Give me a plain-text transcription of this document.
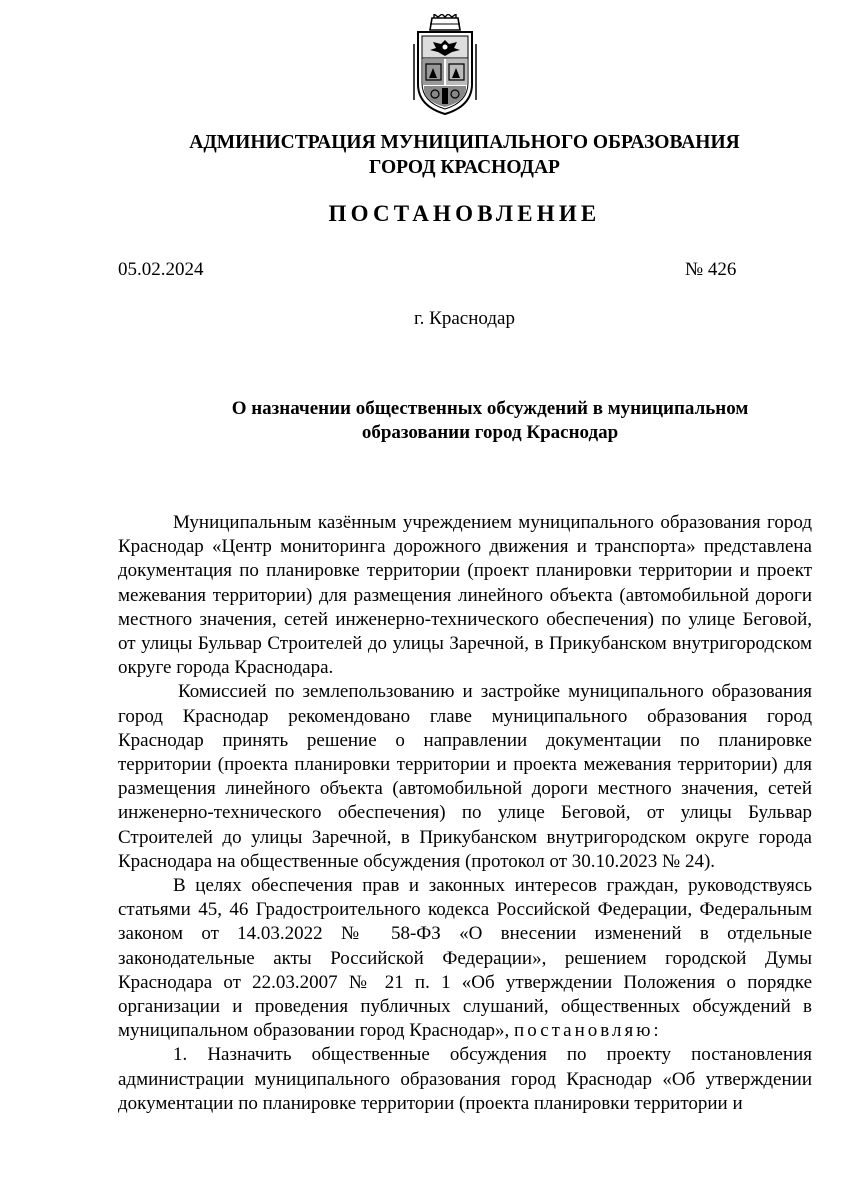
АДМИНИСТРАЦИЯ МУНИЦИПАЛЬНОГО ОБРАЗОВАНИЯ
ГОРОД КРАСНОДАР
ПОСТАНОВЛЕНИЕ
05.02.2024	№ 426
г. Краснодар
О назначении общественных обсуждений в муниципальном
образовании город Краснодар

Муниципальным казённым учреждением муниципального образования город Краснодар «Центр мониторинга дорожного движения и транспорта» представлена документация по планировке территории (проект планировки территории и проект межевания территории) для размещения линейного объекта (автомобильной дороги местного значения, сетей инженерно-технического обеспечения) по улице Беговой, от улицы Бульвар Строителей до улицы Заречной, в Прикубанском внутригородском округе города Краснодара.

Комиссией по землепользованию и застройке муниципального образования город Краснодар рекомендовано главе муниципального образования город Краснодар принять решение о направлении документации по планировке территории (проекта планировки территории и проекта межевания территории) для размещения линейного объекта (автомобильной дороги местного значения, сетей инженерно-технического обеспечения) по улице Беговой, от улицы Бульвар Строителей до улицы Заречной, в Прикубанском внутригородском округе города Краснодара на общественные обсуждения (протокол от 30.10.2023 № 24).

В целях обеспечения прав и законных интересов граждан, руководствуясь статьями 45, 46 Градостроительного кодекса Российской Федерации, Федеральным законом от 14.03.2022 № 58-ФЗ «О внесении изменений в отдельные законодательные акты Российской Федерации», решением городской Думы Краснодара от 22.03.2007 № 21 п. 1 «Об утверждении Положения о порядке организации и проведения публичных слушаний, общественных обсуждений в муниципальном образовании город Краснодар», постановляю:

1. Назначить общественные обсуждения по проекту постановления администрации муниципального образования город Краснодар «Об утверждении документации по планировке территории (проекта планировки территории и
